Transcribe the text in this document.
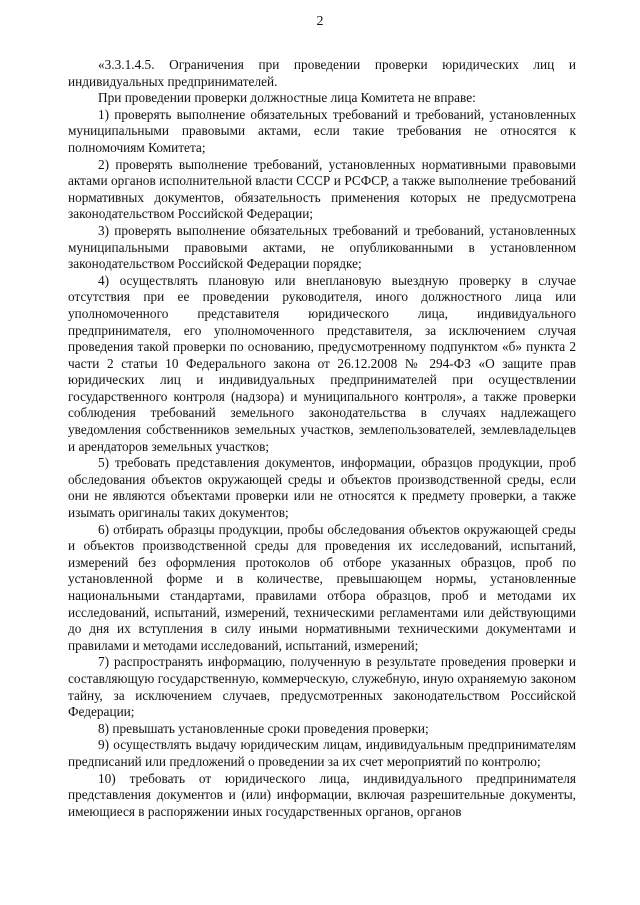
2

«3.3.1.4.5. Ограничения при проведении проверки юридических лиц и индивидуальных предпринимателей.

При проведении проверки должностные лица Комитета не вправе:

1) проверять выполнение обязательных требований и требований, установленных муниципальными правовыми актами, если такие требования не относятся к полномочиям Комитета;

2) проверять выполнение требований, установленных нормативными правовыми актами органов исполнительной власти СССР и РСФСР, а также выполнение требований нормативных документов, обязательность применения которых не предусмотрена законодательством Российской Федерации;

3) проверять выполнение обязательных требований и требований, установленных муниципальными правовыми актами, не опубликованными в установленном законодательством Российской Федерации порядке;

4) осуществлять плановую или внеплановую выездную проверку в случае отсутствия при ее проведении руководителя, иного должностного лица или уполномоченного представителя юридического лица, индивидуального предпринимателя, его уполномоченного представителя, за исключением случая проведения такой проверки по основанию, предусмотренному подпунктом «б» пункта 2 части 2 статьи 10 Федерального закона от 26.12.2008 № 294-ФЗ «О защите прав юридических лиц и индивидуальных предпринимателей при осуществлении государственного контроля (надзора) и муниципального контроля», а также проверки соблюдения требований земельного законодательства в случаях надлежащего уведомления собственников земельных участков, землепользователей, землевладельцев и арендаторов земельных участков;

5) требовать представления документов, информации, образцов продукции, проб обследования объектов окружающей среды и объектов производственной среды, если они не являются объектами проверки или не относятся к предмету проверки, а также изымать оригиналы таких документов;

6) отбирать образцы продукции, пробы обследования объектов окружающей среды и объектов производственной среды для проведения их исследований, испытаний, измерений без оформления протоколов об отборе указанных образцов, проб по установленной форме и в количестве, превышающем нормы, установленные национальными стандартами, правилами отбора образцов, проб и методами их исследований, испытаний, измерений, техническими регламентами или действующими до дня их вступления в силу иными нормативными техническими документами и правилами и методами исследований, испытаний, измерений;

7) распространять информацию, полученную в результате проведения проверки и составляющую государственную, коммерческую, служебную, иную охраняемую законом тайну, за исключением случаев, предусмотренных законодательством Российской Федерации;

8) превышать установленные сроки проведения проверки;

9) осуществлять выдачу юридическим лицам, индивидуальным предпринимателям предписаний или предложений о проведении за их счет мероприятий по контролю;

10) требовать от юридического лица, индивидуального предпринимателя представления документов и (или) информации, включая разрешительные документы, имеющиеся в распоряжении иных государственных органов, органов
